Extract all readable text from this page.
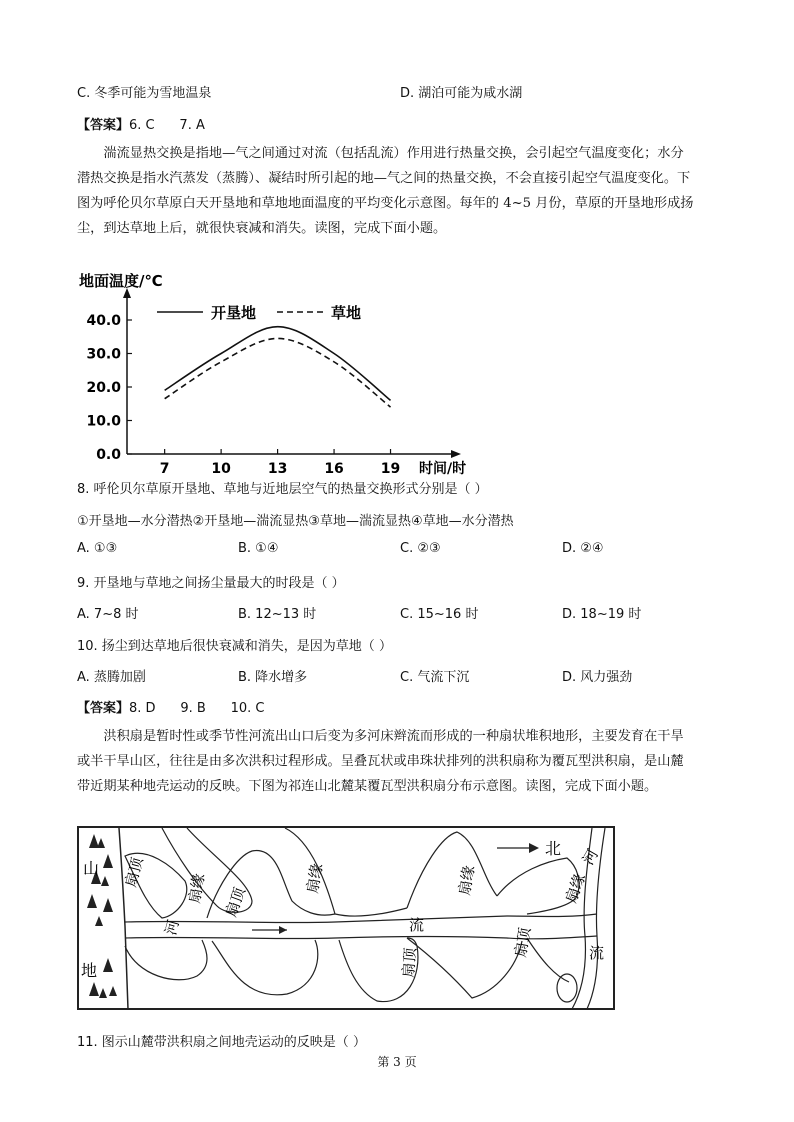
C. 冬季可能为雪地温泉	D. 湖泊可能为咸水湖
【答案】6. C      7. A
湍流显热交换是指地—气之间通过对流（包括乱流）作用进行热量交换，会引起空气温度变化；水分
潜热交换是指水汽蒸发（蒸腾）、凝结时所引起的地—气之间的热量交换，不会直接引起空气温度变化。下
图为呼伦贝尔草原白天开垦地和草地地面温度的平均变化示意图。每年的 4~5 月份，草原的开垦地形成扬
尘，到达草地上后，就很快衰减和消失。读图，完成下面小题。
0.0
10.0
20.0
30.0
40.0
7	10	13	16	19
地面温度/℃
时间/时
开垦地	草地
8. 呼伦贝尔草原开垦地、草地与近地层空气的热量交换形式分别是（ ）
①开垦地—水分潜热②开垦地—湍流显热③草地—湍流显热④草地—水分潜热
A. ①③	B. ①④	C. ②③	D. ②④
9. 开垦地与草地之间扬尘量最大的时段是（ ）
A. 7~8 时	B. 12~13 时	C. 15~16 时	D. 18~19 时
10. 扬尘到达草地后很快衰减和消失，是因为草地（ ）
A. 蒸腾加剧	B. 降水增多	C. 气流下沉	D. 风力强劲
【答案】8. D      9. B      10. C
洪积扇是暂时性或季节性河流出山口后变为多河床辫流而形成的一种扇状堆积地形，主要发育在干旱
或半干旱山区，往往是由多次洪积过程形成。呈叠瓦状或串珠状排列的洪积扇称为覆瓦型洪积扇，是山麓
带近期某种地壳运动的反映。下图为祁连山北麓某覆瓦型洪积扇分布示意图。读图，完成下面小题。
山
地
北
扇顶	扇缘 扇顶
扇缘	扇缘	扇缘
扇顶
扇顶
河	流
河
流
11. 图示山麓带洪积扇之间地壳运动的反映是（ ）
第 3 页
